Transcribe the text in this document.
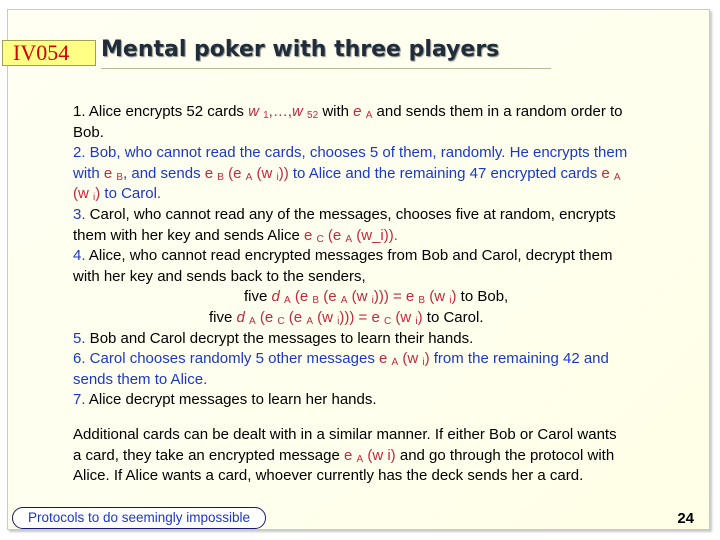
IV054	Mental poker with three players
1. Alice encrypts 52 cards w $_1$,…,w $_{52}$ with e $_A$ and sends them in a random order to
Bob.
2. Bob, who cannot read the cards, chooses 5 of them, randomly. He encrypts them
with e $_B$, and sends e $_B$ (e $_A$ (w $_i$)) to Alice and the remaining 47 encrypted cards e $_A$
(w $_i$) to Carol.
3. Carol, who cannot read any of the messages, chooses five at random, encrypts
them with her key and sends Alice e $_C$ (e $_A$ (w_i)).
4. Alice, who cannot read encrypted messages from Bob and Carol, decrypt them
with her key and sends back to the senders,
five d $_A$ (e $_B$ (e $_A$ (w $_i$))) = e $_B$ (w $_i$) to Bob,
five d $_A$ (e $_C$ (e $_A$ (w $_i$))) = e $_C$ (w $_i$) to Carol.
5. Bob and Carol decrypt the messages to learn their hands.
6. Carol chooses randomly 5 other messages e $_A$ (w $_i$) from the remaining 42 and
sends them to Alice.
7. Alice decrypt messages to learn her hands.
Additional cards can be dealt with in a similar manner. If either Bob or Carol wants
a card, they take an encrypted message e $_A$ (w i) and go through the protocol with
Alice. If Alice wants a card, whoever currently has the deck sends her a card.
Protocols to do seemingly impossible	24
